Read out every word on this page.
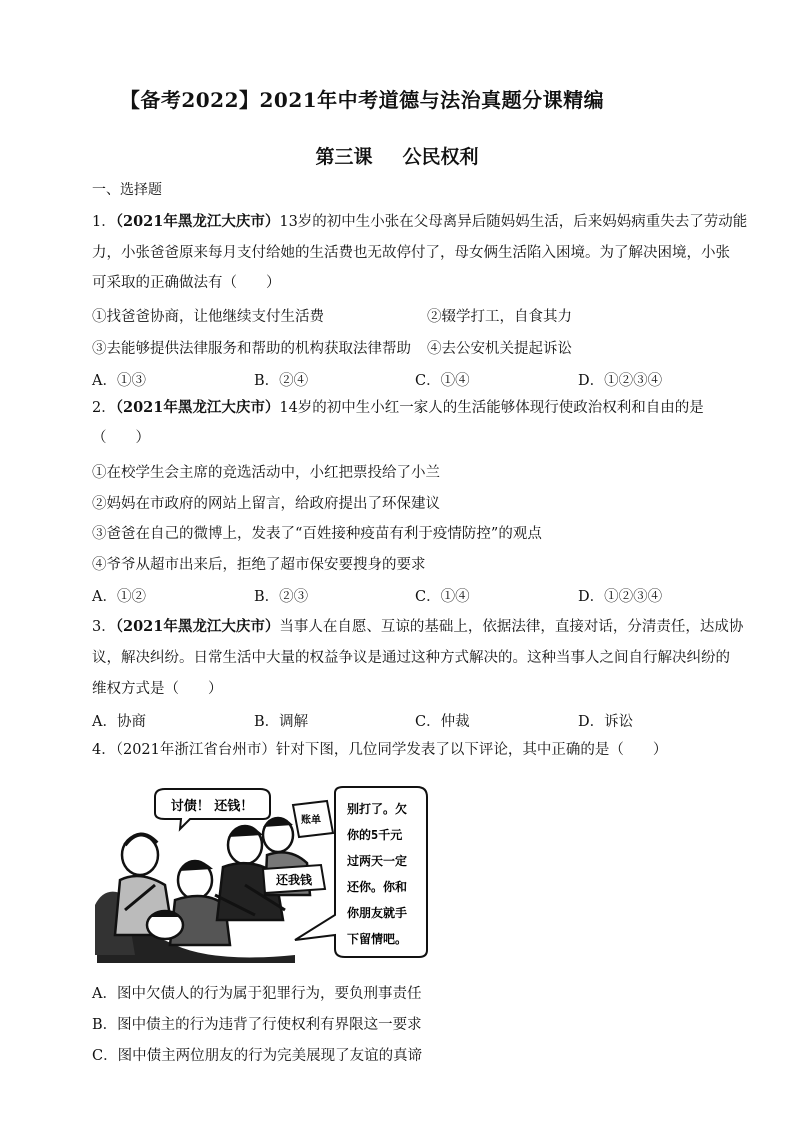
【备考2022】2021年中考道德与法治真题分课精编
第三课 公民权利
一、选择题
1．（2021年黑龙江大庆市）13岁的初中生小张在父母离异后随妈妈生活，后来妈妈病重失去了劳动能
力，小张爸爸原来每月支付给她的生活费也无故停付了，母女俩生活陷入困境。为了解决困境，小张
可采取的正确做法有（　　）
①找爸爸协商，让他继续支付生活费	②辍学打工，自食其力
③去能够提供法律服务和帮助的机构获取法律帮助 ④去公安机关提起诉讼
A．①③	B．②④	C．①④	D．①②③④
2．（2021年黑龙江大庆市）14岁的初中生小红一家人的生活能够体现行使政治权利和自由的是
（　　）
①在校学生会主席的竞选活动中，小红把票投给了小兰
②妈妈在市政府的网站上留言，给政府提出了环保建议
③爸爸在自己的微博上，发表了“百姓接种疫苗有利于疫情防控”的观点
④爷爷从超市出来后，拒绝了超市保安要搜身的要求
A．①②	B．②③	C．①④	D．①②③④
3．（2021年黑龙江大庆市）当事人在自愿、互谅的基础上，依据法律，直接对话，分清责任，达成协
议，解决纠纷。日常生活中大量的权益争议是通过这种方式解决的。这种当事人之间自行解决纠纷的
维权方式是（　　）
A．协商	B．调解	C．仲裁	D．诉讼
4．（2021年浙江省台州市）针对下图，几位同学发表了以下评论，其中正确的是（　　）
讨债！ 还钱！
账单
还我钱
别打了。欠
你的5千元
过两天一定
还你。你和
你朋友就手
下留情吧。
A．图中欠债人的行为属于犯罪行为，要负刑事责任
B．图中债主的行为违背了行使权利有界限这一要求
C．图中债主两位朋友的行为完美展现了友谊的真谛
